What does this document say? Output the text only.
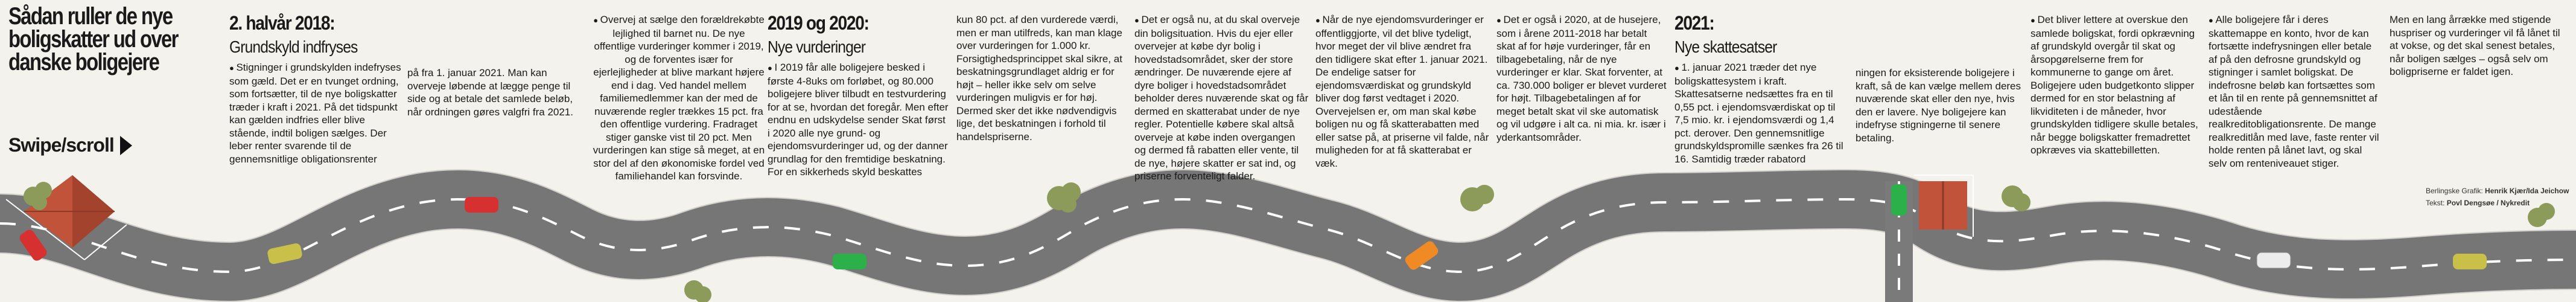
Sådan ruller de nye boligskatter ud over danske boligejere
Swipe/scroll
2. halvår 2018:
Grundskyld indfryses

● Stigninger i grundskylden indefryses som gæld. Det er en tvunget ordning, som fortsætter, til de nye boligskatter træder i kraft i 2021. På det tidspunkt kan gælden indfries eller blive stående, indtil boligen sælges. Der leber renter svarende til de gennemsnitlige obligationsrenter

på fra 1. januar 2021. Man kan overveje løbende at lægge penge til side og at betale det samlede beløb, når ordningen gøres valgfri fra 2021.

● Overvej at sælge den forældrekøbte lejlighed til barnet nu. De nye offentlige vurderinger kommer i 2019, og de forventes især for ejerlejligheder at blive markant højere end i dag. Ved handel mellem familiemedlemmer kan der med de nuværende regler trækkes 15 pct. fra den offentlige vurdering. Fradraget stiger ganske vist til 20 pct. Men vurderingen kan stige så meget, at en stor del af den økonomiske fordel ved familiehandel kan forsvinde.

2019 og 2020:
Nye vurderinger

● I 2019 får alle boligejere besked i første 4-8uks om forløbet, og 80.000 boligejere bliver tilbudt en testvurdering for at se, hvordan det foregår. Men efter endnu en udskydelse sender Skat først i 2020 alle nye grund- og ejendomsvurderinger ud, og der danner grundlag for den fremtidige beskatning. For en sikkerheds skyld beskattes

kun 80 pct. af den vurderede værdi, men er man utilfreds, kan man klage over vurderingen for 1.000 kr. Forsigtighedsprincippet skal sikre, at beskatningsgrundlaget aldrig er for højt – heller ikke selv om selve vurderingen muligvis er for høj. Dermed sker det ikke nødvendigvis lige, det beskatningen i forhold til handelspriserne.

● Det er også nu, at du skal overveje din boligsituation. Hvis du ejer eller overvejer at købe dyr bolig i hovedstadsområdet, sker der store ændringer. De nuværende ejere af dyre boliger i hovedstadsområdet beholder deres nuværende skat og får dermed en skatterabat under de nye regler. Potentielle købere skal altså overveje at købe inden overgangen og dermed få rabatten eller vente, til de nye, højere skatter er sat ind, og priserne forventeligt falder.

● Når de nye ejendomsvurderinger er offentliggjorte, vil det blive tydeligt, hvor meget der vil blive ændret fra den tidligere skat efter 1. januar 2021. De endelige satser for ejendomsværdiskat og grundskyld bliver dog først vedtaget i 2020. Overvejelsen er, om man skal købe boligen nu og få skatterabatten med eller satse på, at priserne vil falde, når muligheden for at få skatterabat er væk.

● Det er også i 2020, at de husejere, som i årene 2011-2018 har betalt skat af for høje vurderinger, får en tilbagebetaling, når de nye vurderinger er klar. Skat forventer, at ca. 730.000 boliger er blevet vurderet for højt. Tilbagebetalingen af for meget betalt skat vil ske automatisk og vil udgøre i alt ca. ni mia. kr. især i yderkantsområder.

2021:
Nye skattesatser

● 1. januar 2021 træder det nye boligskattesystem i kraft. Skattesatserne nedsættes fra en til 0,55 pct. i ejendomsværdiskat op til 7,5 mio. kr. i ejendomsværdi og 1,4 pct. derover. Den gennemsnitlige grundskyldspromille sænkes fra 26 til 16. Samtidig træder rabatord

ningen for eksisterende boligejere i kraft, så de kan vælge mellem deres nuværende skat eller den nye, hvis den er lavere. Nye boligejere kan indefryse stigningerne til senere betaling.

● Det bliver lettere at overskue den samlede boligskat, fordi opkrævning af grundskyld overgår til skat og årsopgørelserne frem for kommunerne to gange om året. Boligejere uden budgetkonto slipper dermed for en stor belastning af likviditeten i de måneder, hvor grundskylden tidligere skulle betales, når begge boligskatter fremadrettet opkræves via skattebilletten.

● Alle boligejere får i deres skattemappe en konto, hvor de kan fortsætte indefrysningen eller betale af på den defrosne grundskyld og stigninger i samlet boligskat. De indefrosne beløb kan fortsættes som et lån til en rente på gennemsnittet af udestående realkreditobligationsrente. De mange realkreditlån med lave, faste renter vil holde renten på lånet lavt, og skal selv om renteniveauet stiger.

Men en lang årrække med stigende huspriser og vurderinger vil få lånet til at vokse, og det skal senest betales, når boligen sælges – også selv om boligpriserne er faldet igen.

Berlingske Grafik: Henrik Kjær/Ida Jeichow
Tekst: Povl Dengsøe / Nykredit
